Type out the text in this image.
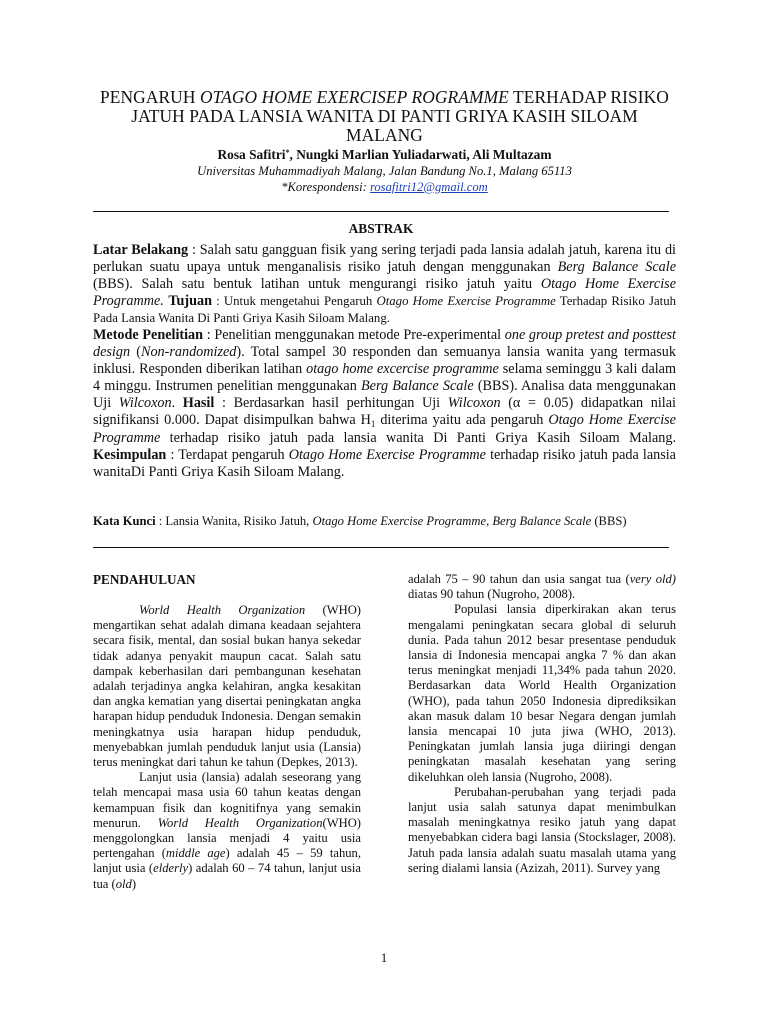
PENGARUH OTAGO HOME EXERCISEP ROGRAMME TERHADAP RISIKO JATUH PADA LANSIA WANITA DI PANTI GRIYA KASIH SILOAM MALANG
Rosa Safitri*, Nungki Marlian Yuliadarwati, Ali Multazam
Universitas Muhammadiyah Malang, Jalan Bandung No.1, Malang 65113
*Korespondensi: rosafitri12@gmail.com
ABSTRAK

Latar Belakang : Salah satu gangguan fisik yang sering terjadi pada lansia adalah jatuh, karena itu di perlukan suatu upaya untuk menganalisis risiko jatuh dengan menggunakan Berg Balance Scale (BBS). Salah satu bentuk latihan untuk mengurangi risiko jatuh yaitu Otago Home Exercise Programme. Tujuan : Untuk mengetahui Pengaruh Otago Home Exercise Programme Terhadap Risiko Jatuh Pada Lansia Wanita Di Panti Griya Kasih Siloam Malang.
Metode Penelitian : Penelitian menggunakan metode Pre-experimental one group pretest and posttest design (Non-randomized). Total sampel 30 responden dan semuanya lansia wanita yang termasuk inklusi. Responden diberikan latihan otago home excercise programme selama seminggu 3 kali dalam 4 minggu. Instrumen penelitian menggunakan Berg Balance Scale (BBS). Analisa data menggunakan Uji Wilcoxon. Hasil : Berdasarkan hasil perhitungan Uji Wilcoxon (α = 0.05) didapatkan nilai signifikansi 0.000. Dapat disimpulkan bahwa $H_1$ diterima yaitu ada pengaruh Otago Home Exercise Programme terhadap risiko jatuh pada lansia wanita Di Panti Griya Kasih Siloam Malang. Kesimpulan : Terdapat pengaruh Otago Home Exercise Programme terhadap risiko jatuh pada lansia wanitaDi Panti Griya Kasih Siloam Malang.

Kata Kunci : Lansia Wanita, Risiko Jatuh, Otago Home Exercise Programme, Berg Balance Scale (BBS)
PENDAHULUAN

World Health Organization (WHO) mengartikan sehat adalah dimana keadaan sejahtera secara fisik, mental, dan sosial bukan hanya sekedar tidak adanya penyakit maupun cacat. Salah satu dampak keberhasilan dari pembangunan kesehatan adalah terjadinya angka kelahiran, angka kesakitan dan angka kematian yang disertai peningkatan angka harapan hidup penduduk Indonesia. Dengan semakin meningkatnya usia harapan hidup penduduk, menyebabkan jumlah penduduk lanjut usia (Lansia) terus meningkat dari tahun ke tahun (Depkes, 2013).

Lanjut usia (lansia) adalah seseorang yang telah mencapai masa usia 60 tahun keatas dengan kemampuan fisik dan kognitifnya yang semakin menurun. World Health Organization(WHO) menggolongkan lansia menjadi 4 yaitu usia pertengahan (middle age) adalah 45 – 59 tahun, lanjut usia (elderly) adalah 60 – 74 tahun, lanjut usia tua (old)

adalah 75 – 90 tahun dan usia sangat tua (very old) diatas 90 tahun (Nugroho, 2008).

Populasi lansia diperkirakan akan terus mengalami peningkatan secara global di seluruh dunia. Pada tahun 2012 besar presentase penduduk lansia di Indonesia mencapai angka 7 % dan akan terus meningkat menjadi 11,34% pada tahun 2020. Berdasarkan data World Health Organization (WHO), pada tahun 2050 Indonesia diprediksikan akan masuk dalam 10 besar Negara dengan jumlah lansia mencapai 10 juta jiwa (WHO, 2013). Peningkatan jumlah lansia juga diiringi dengan peningkatan masalah kesehatan yang sering dikeluhkan oleh lansia (Nugroho, 2008).

Perubahan-perubahan yang terjadi pada lanjut usia salah satunya dapat menimbulkan masalah meningkatnya resiko jatuh yang dapat menyebabkan cidera bagi lansia (Stockslager, 2008). Jatuh pada lansia adalah suatu masalah utama yang sering dialami lansia (Azizah, 2011). Survey yang

1
